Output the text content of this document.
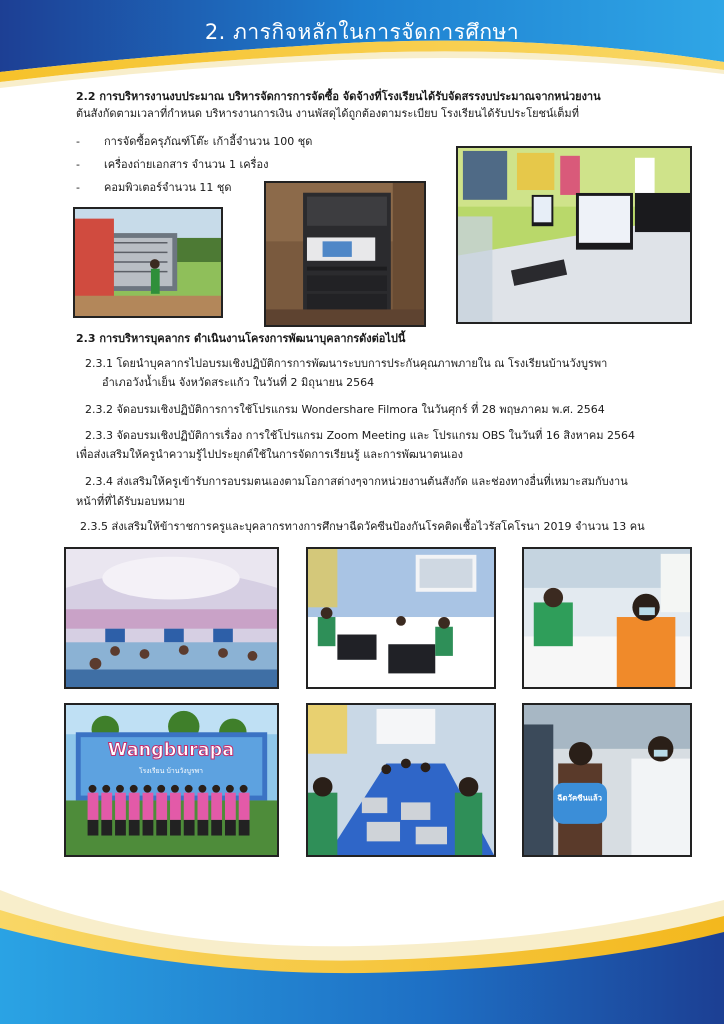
2. ภารกิจหลักในการจัดการศึกษา
2.2 การบริหารงานงบประมาณ บริหารจัดการการจัดซื้อ จัดจ้างที่โรงเรียนได้รับจัดสรรงบประมาณจากหน่วยงาน
ต้นสังกัดตามเวลาที่กำหนด บริหารงานการเงิน งานพัสดุได้ถูกต้องตามระเบียบ โรงเรียนได้รับประโยชน์เต็มที่
- การจัดซื้อครุภัณฑ์โต๊ะ เก้าอี้จำนวน 100 ชุด
- เครื่องถ่ายเอกสาร จำนวน 1 เครื่อง
- คอมพิวเตอร์จำนวน 11 ชุด
2.3 การบริหารบุคลากร ดำเนินงานโครงการพัฒนาบุคลากรดังต่อไปนี้
2.3.1 โดยนำบุคลากรไปอบรมเชิงปฏิบัติการการพัฒนาระบบการประกันคุณภาพภายใน ณ โรงเรียนบ้านวังบูรพา
อำเภอวังน้ำเย็น จังหวัดสระแก้ว ในวันที่ 2 มิถุนายน 2564
2.3.2 จัดอบรมเชิงปฏิบัติการการใช้โปรแกรม Wondershare Filmora ในวันศุกร์ ที่ 28 พฤษภาคม พ.ศ. 2564
2.3.3 จัดอบรมเชิงปฏิบัติการเรื่อง การใช้โปรแกรม Zoom Meeting และ โปรแกรม OBS ในวันที่ 16 สิงหาคม 2564
เพื่อส่งเสริมให้ครูนำความรู้ไปประยุกต์ใช้ในการจัดการเรียนรู้ และการพัฒนาตนเอง
2.3.4 ส่งเสริมให้ครูเข้ารับการอบรมตนเองตามโอกาสต่างๆจากหน่วยงานต้นสังกัด และช่องทางอื่นที่เหมาะสมกับงาน
หน้าที่ที่ได้รับมอบหมาย
2.3.5 ส่งเสริมให้ข้าราชการครูและบุคลากรทางการศึกษาฉีดวัคซีนป้องกันโรคติดเชื้อไวรัสโคโรนา 2019 จำนวน 13 คน
Wangburapa
โรงเรียน บ้านวังบูรพา
ฉีดวัคซีนแล้ว
